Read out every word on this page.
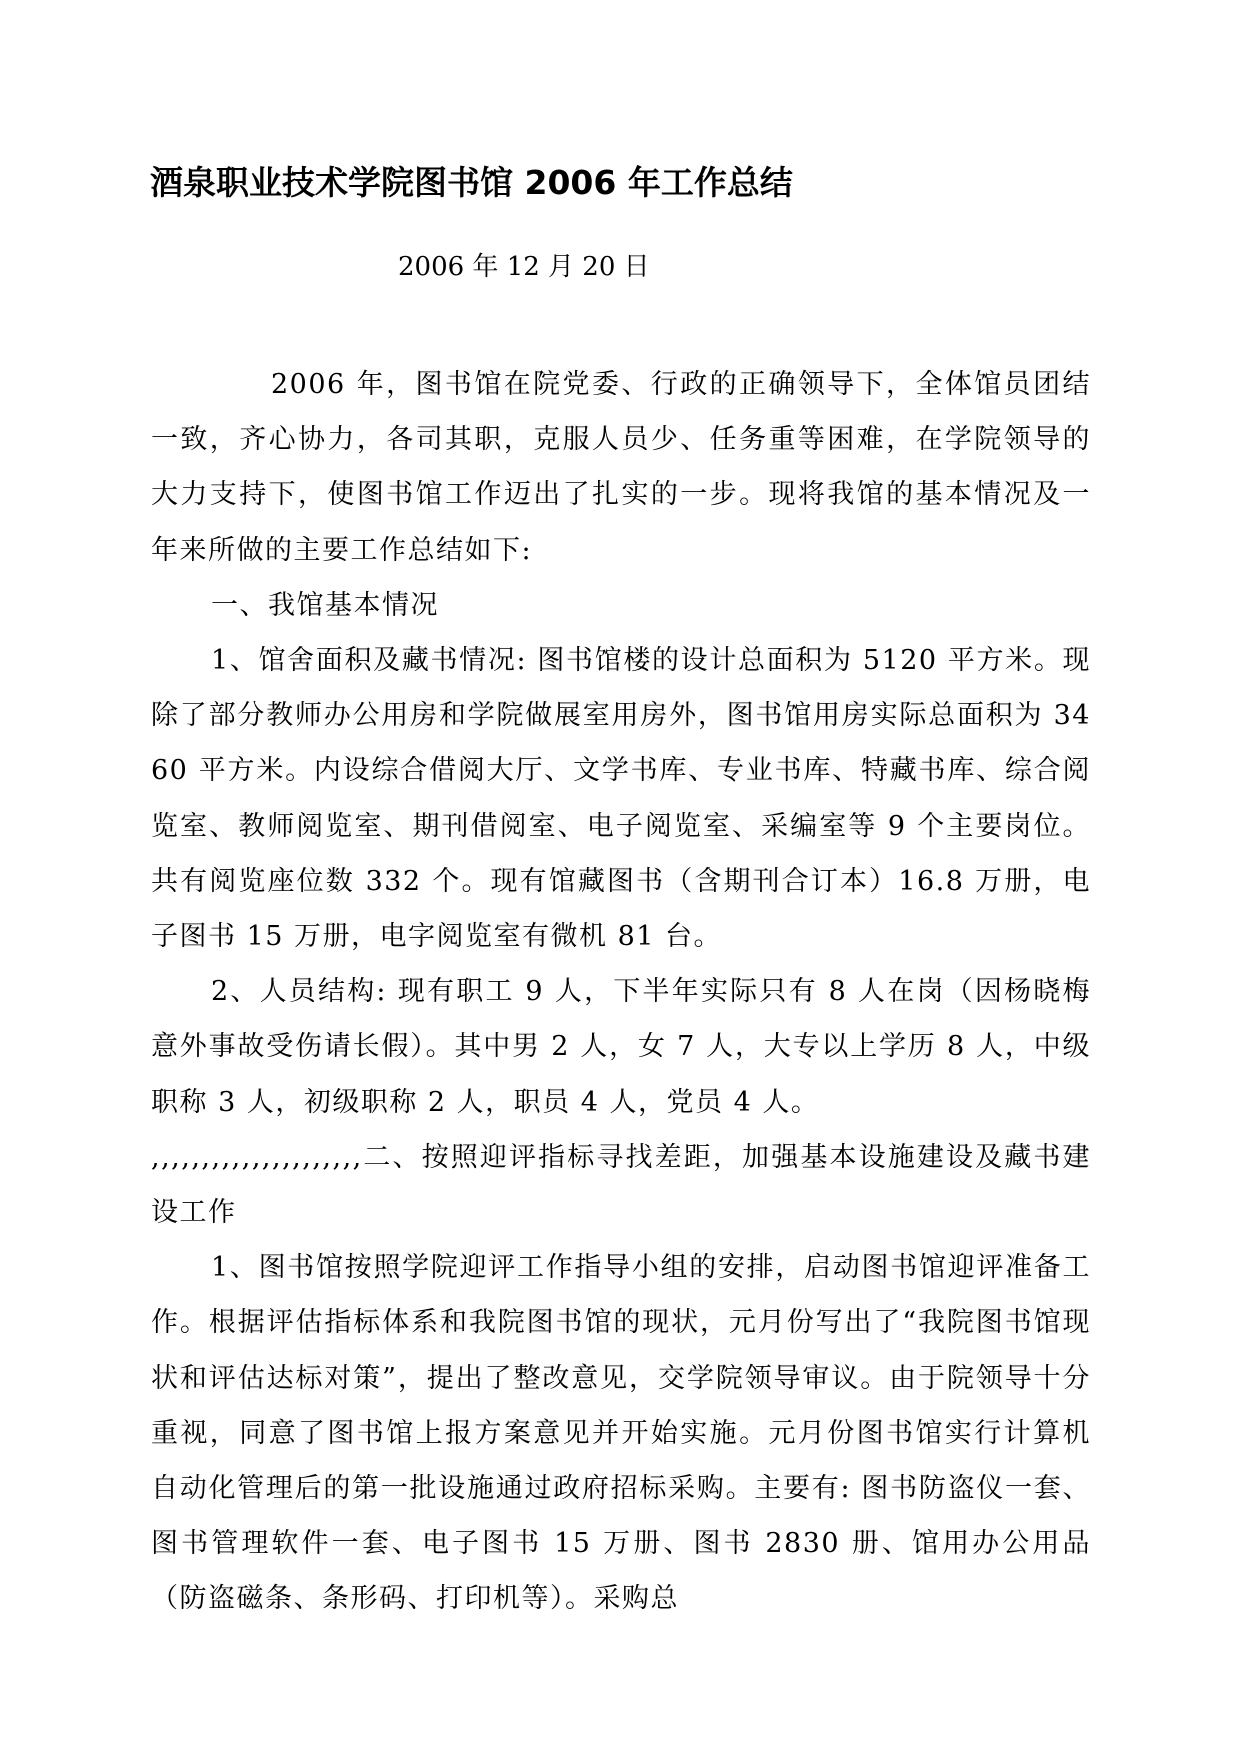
酒泉职业技术学院图书馆 2006 年工作总结
2006 年 12 月 20 日

2006 年，图书馆在院党委、行政的正确领导下，全体馆员团结一致，齐心协力，各司其职，克服人员少、任务重等困难，在学院领导的大力支持下，使图书馆工作迈出了扎实的一步。现将我馆的基本情况及一年来所做的主要工作总结如下:

一、我馆基本情况

1、馆舍面积及藏书情况: 图书馆楼的设计总面积为 5120 平方米。现除了部分教师办公用房和学院做展室用房外，图书馆用房实际总面积为 3460 平方米。内设综合借阅大厅、文学书库、专业书库、特藏书库、综合阅览室、教师阅览室、期刊借阅室、电子阅览室、采编室等 9 个主要岗位。共有阅览座位数 332 个。现有馆藏图书（含期刊合订本）16.8 万册，电子图书 15 万册，电字阅览室有微机 81 台。

2、人员结构: 现有职工 9 人，下半年实际只有 8 人在岗（因杨晓梅意外事故受伤请长假）。其中男 2 人，女 7 人，大专以上学历 8 人，中级职称 3 人，初级职称 2 人，职员 4 人，党员 4 人。

,,,,,,,,,,,,,,,,,,,,,二、按照迎评指标寻找差距，加强基本设施建设及藏书建设工作

1、图书馆按照学院迎评工作指导小组的安排，启动图书馆迎评准备工作。根据评估指标体系和我院图书馆的现状，元月份写出了“我院图书馆现状和评估达标对策”，提出了整改意见，交学院领导审议。由于院领导十分重视，同意了图书馆上报方案意见并开始实施。元月份图书馆实行计算机自动化管理后的第一批设施通过政府招标采购。主要有: 图书防盗仪一套、图书管理软件一套、电子图书 15 万册、图书 2830 册、馆用办公用品（防盗磁条、条形码、打印机等）。采购总
